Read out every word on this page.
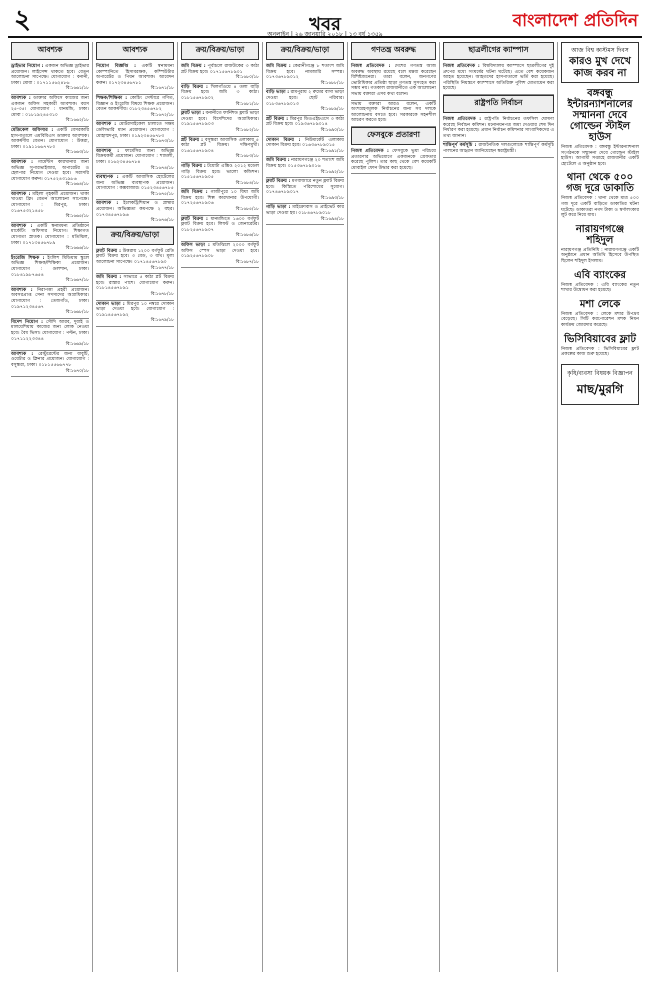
২	খবর	বাংলাদেশ প্রতিদিন
অনলাইন | ২৬ জানুয়ারি ২০১৮ | ১৩ বর্ষ ১৩৫৯
আবশ্যক
ড্রাইভার নিয়োগ : একজন অভিজ্ঞ ড্রাইভার প্রয়োজন। লাইসেন্স থাকতে হবে। বেতন আলোচনা সাপেক্ষে। যোগাযোগ : বনানী, ঢাকা। মোবা : ০১৭১১৫৬২৪৮৬
বি:১৬৬১/১৮
আবশ্যক : ডাক্তার অফিসে কাজের জন্য একজন অফিস সহকারী আবশ্যক। বয়স ২৫-৩৫। যোগাযোগ : ধানমন্ডি, ঢাকা। মোবা : ০১৮১৯২৪৫৩১০
বি:১৬৬২/১৮
মেডিকেল অফিসার : একটি বেসরকারি হাসপাতালে এমবিবিএস ডাক্তার আবশ্যক। আকর্ষণীয় বেতন। যোগাযোগ : উত্তরা, ঢাকা। ০১৯১১৬৬৭৭৮০
বি:১৬৬৩/১৮
আবশ্যক : গার্মেন্টস কারখানার জন্য অভিজ্ঞ সুপারভাইজার, অপারেটর ও হেলপার নিয়োগ দেওয়া হবে। সরাসরি যোগাযোগ করুন। ০১৭৫২৪৩১৯৮৬
বি:১৬৬৪/১৮
আবশ্যক : মহিলা গৃহকর্মী প্রয়োজন। থাকা খাওয়া ফ্রি। বেতন আলোচনা সাপেক্ষে। যোগাযোগ : মিরপুর, ঢাকা। ০১৬৭৫৩২১৪৫৮
বি:১৬৬৫/১৮
আবশ্যক : একটি স্বনামধন্য প্রতিষ্ঠানে মার্কেটিং অফিসার নিয়োগ। শিক্ষাগত যোগ্যতা স্নাতক। যোগাযোগ : মতিঝিল, ঢাকা। ০১৭১৩৪৫৬৭৮৯
বি:১৬৬৬/১৮
ইংরেজি শিক্ষক : ইংলিশ মিডিয়াম স্কুলে অভিজ্ঞ শিক্ষক/শিক্ষিকা প্রয়োজন। যোগাযোগ : গুলশান, ঢাকা। ০১৮৪১৯৮৭৬৫৪
বি:১৬৬৭/১৮
আবশ্যক : নিরাপত্তা প্রহরী প্রয়োজন। অবসরপ্রাপ্ত সেনা সদস্যদের অগ্রাধিকার। যোগাযোগ : তেজগাঁও, ঢাকা। ০১৯৭১২৩৪৫৬৭
বি:১৬৬৮/১৮
বিদেশ নিয়োগ : সৌদি আরব, দুবাই ও মালয়েশিয়ায় কাজের জন্য লোক নেওয়া হবে। বৈধ ভিসা। যোগাযোগ : পল্টন, ঢাকা। ০১৭১১২২৩৩৪৪
বি:১৬৬৯/১৮
আবশ্যক : রেস্টুরেন্টের জন্য বাবুর্চি, ওয়েটার ও ক্লিনার প্রয়োজন। যোগাযোগ : বসুন্ধরা, ঢাকা। ০১৮১৫৫৬৬৭৭৮
বি:১৬৭০/১৮
আবশ্যক
নিয়োগ বিজ্ঞপ্তি : একটি স্বনামধন্য কোম্পানিতে হিসাবরক্ষক, কম্পিউটার অপারেটর ও পিয়ন আবশ্যক। আবেদন করুন। ০১৭২৩৪৫৬৭৮১
বি:১৬৭১/১৮
শিক্ষক/শিক্ষিকা : কোচিং সেন্টারে গণিত, বিজ্ঞান ও ইংরেজি বিষয়ে শিক্ষক প্রয়োজন। বেতন আকর্ষণীয়। ০১৮২৩৪৫৬৭৮২
বি:১৬৭২/১৮
আবশ্যক : মোটরসাইকেল চালাতে সক্ষম ডেলিভারি ম্যান প্রয়োজন। যোগাযোগ : মোহাম্মদপুর, ঢাকা। ০১৯২৩৪৫৬৭৮৩
বি:১৬৭৩/১৮
আবশ্যক : ফার্মেসির জন্য অভিজ্ঞ বিক্রয়কর্মী প্রয়োজন। যোগাযোগ : শ্যামলী, ঢাকা। ০১৬২৩৪৫৬৭৮৪
বি:১৬৭৪/১৮
ব্যবস্থাপক : একটি আবাসিক হোটেলের জন্য অভিজ্ঞ ব্যবস্থাপক প্রয়োজন। যোগাযোগ : কক্সবাজার। ০১৫২৩৪৫৬৭৮৫
বি:১৬৭৫/১৮
আবশ্যক : ইলেকট্রিশিয়ান ও প্লাম্বার প্রয়োজন। অভিজ্ঞতা কমপক্ষে ২ বছর। ০১৭৩৪৫৬৭৮৯৬
বি:১৬৭৬/১৮
ক্রয়/বিক্রয়/ভাড়া
ফ্ল্যাট বিক্রয় : উত্তরায় ১২০০ বর্গফুট রেডি ফ্ল্যাট বিক্রয় হবে। ৩ বেড, ৩ বাথ। মূল্য আলোচনা সাপেক্ষে। ০১৭১৪৫৬৭৮৯০
বি:১৬৭৭/১৮
জমি বিক্রয় : সাভারে ৫ কাঠা প্লট বিক্রয় হবে। রাস্তার পাশে। যোগাযোগ করুন। ০১৮১৪৫৬৭৮৯১
বি:১৬৭৮/১৮
দোকান ভাড়া : মিরপুর ১০ নম্বরে দোকান ভাড়া দেওয়া হবে। যোগাযোগ : ০১৯১৪৫৬৭৮৯২
বি:১৬৭৯/১৮
ক্রয়/বিক্রয়/ভাড়া
জমি বিক্রয় : পূর্বাচলে রাজউকের ৩ কাঠা প্লট বিক্রয় হবে। ০১৭১৫৬৭৮৯০১
বি:১৬৮০/১৮
বাড়ি বিক্রয় : খিলগাঁওয়ে ৪ তলা বাড়ি বিক্রয় হবে। জমি ৩ কাঠা। ০১৮১৫৬৭৮৯০২
বি:১৬৮১/১৮
ফ্ল্যাট ভাড়া : বনানীতে ফার্নিশড ফ্ল্যাট ভাড়া দেওয়া হবে। বিদেশিদের অগ্রাধিকার। ০১৯১৫৬৭৮৯০৩
বি:১৬৮২/১৮
প্লট বিক্রয় : বসুন্ধরা আবাসিক এলাকায় ৫ কাঠা প্লট বিক্রয়। দক্ষিণমুখী। ০১৬১৫৬৭৮৯০৪
বি:১৬৮৩/১৮
গাড়ি বিক্রয় : টয়োটা এক্সিও ২০১২ মডেল গাড়ি বিক্রয় হবে। ভালো কন্ডিশন। ০১৫১৫৬৭৮৯০৫
বি:১৬৮৪/১৮
জমি বিক্রয় : গাজীপুরে ১০ বিঘা জমি বিক্রয় হবে। শিল্প কারখানার উপযোগী। ০১৭২৫৬৭৮৯০৬
বি:১৬৮৫/১৮
ফ্ল্যাট বিক্রয় : ধানমন্ডিতে ১৬০০ বর্গফুট ফ্ল্যাট বিক্রয় হবে। লিফট ও জেনারেটর। ০১৮২৫৬৭৮৯০৭
বি:১৬৮৬/১৮
অফিস ভাড়া : মতিঝিলে ২০০০ বর্গফুট অফিস স্পেস ভাড়া দেওয়া হবে। ০১৯২৫৬৭৮৯০৮
বি:১৬৮৭/১৮
ক্রয়/বিক্রয়/ভাড়া
জমি বিক্রয় : কেরানীগঞ্জে ৮ শতাংশ জমি বিক্রয় হবে। নামজারি সম্পন্ন। ০১৭৩৬৭৮৯০১২
বি:১৬৮৮/১৮
বাড়ি ভাড়া : রামপুরায় ২ রুমের বাসা ভাড়া দেওয়া হবে। ছোট পরিবার। ০১৮৩৬৭৮৯০১৩
বি:১৬৮৯/১৮
প্লট বিক্রয় : মিরপুর ডিওএইচএসে ৩ কাঠা প্লট বিক্রয় হবে। ০১৯৩৬৭৮৯০১৪
বি:১৬৯০/১৮
দোকান বিক্রয় : নিউমার্কেট এলাকায় দোকান বিক্রয় হবে। ০১৬৩৬৭৮৯০১৫
বি:১৬৯১/১৮
জমি বিক্রয় : নারায়ণগঞ্জে ২০ শতাংশ জমি বিক্রয় হবে। ০১৫৩৬৭৮৯০১৬
বি:১৬৯২/১৮
ফ্ল্যাট বিক্রয় : মগবাজারে নতুন ফ্ল্যাট বিক্রয় হবে। কিস্তিতে পরিশোধের সুযোগ। ০১৭৪৬৭৮৯০১৭
বি:১৬৯৩/১৮
গাড়ি ভাড়া : মাইক্রোবাস ও প্রাইভেট কার ভাড়া দেওয়া হয়। ০১৮৪৬৭৮৯০১৮
বি:১৬৯৪/১৮
গণতন্ত্র অবরুদ্ধ
নিজস্ব প্রতিবেদক : দেশের গণতন্ত্র আজ অবরুদ্ধ অবস্থায় রয়েছে বলে মন্তব্য করেছেন বিশিষ্টজনেরা। তারা বলেন, জনগণের ভোটাধিকার প্রতিষ্ঠা ছাড়া গণতন্ত্র সুসংহত করা সম্ভব নয়। গতকাল রাজধানীতে এক আলোচনা সভায় বক্তারা এসব কথা বলেন।
সভায় বক্তারা আরও বলেন, একটি অংশগ্রহণমূলক নির্বাচনের জন্য সব দলকে আলোচনায় বসতে হবে। সরকারকে সহনশীল আচরণ করতে হবে।
ফেসবুকে প্রতারণা
নিজস্ব প্রতিবেদক : ফেসবুকে ভুয়া পরিচয়ে প্রতারণার অভিযোগে একজনকে গ্রেফতার করেছে পুলিশ। তার কাছ থেকে বেশ কয়েকটি মোবাইল ফোন উদ্ধার করা হয়েছে।
ছাত্রলীগের ক্যাম্পাস
নিজস্ব প্রতিবেদক : বিশ্ববিদ্যালয় ক্যাম্পাসে ছাত্রলীগের দুই গ্রুপের মধ্যে সংঘর্ষের ঘটনা ঘটেছে। এতে বেশ কয়েকজন আহত হয়েছেন। আহতদের হাসপাতালে ভর্তি করা হয়েছে। পরিস্থিতি নিয়ন্ত্রণে ক্যাম্পাসে অতিরিক্ত পুলিশ মোতায়েন করা হয়েছে।
রাষ্ট্রপতি নির্বাচন
নিজস্ব প্রতিবেদক : রাষ্ট্রপতি নির্বাচনের তফসিল ঘোষণা করেছে নির্বাচন কমিশন। মনোনয়নপত্র জমা দেওয়ার শেষ দিন নির্ধারণ করা হয়েছে। প্রধান নির্বাচন কমিশনার সাংবাদিকদের এ তথ্য জানান।
শান্তিপূর্ণ কর্মসূচি : রাজনৈতিক দলগুলোকে শান্তিপূর্ণ কর্মসূচি পালনের আহ্বান জানিয়েছেন স্বরাষ্ট্রমন্ত্রী।
আজ বিশ্ব কাস্টমস দিবস
কারও মুখ দেখে কাজ করব না
বঙ্গবন্ধু ইন্টারন্যাশনালের সম্মাননা দেবে গোল্ডেন স্টাইল হাউস
নিজস্ব প্রতিবেদক : বঙ্গবন্ধু ইন্টারন্যাশনাল সংগঠনকে সম্মাননা দেবে গোল্ডেন স্টাইল হাউস। আগামী সপ্তাহে রাজধানীর একটি হোটেলে এ অনুষ্ঠান হবে।
থানা থেকে ৫০০ গজ দূরে ডাকাতি
নিজস্ব প্রতিবেদক : থানা থেকে মাত্র ৫০০ গজ দূরে একটি বাড়িতে ডাকাতির ঘটনা ঘটেছে। ডাকাতরা নগদ টাকা ও স্বর্ণালংকার লুট করে নিয়ে যায়।
নারায়ণগঞ্জে শহিদুল
নারায়ণগঞ্জ প্রতিনিধি : নারায়ণগঞ্জে একটি অনুষ্ঠানে প্রধান অতিথি হিসেবে উপস্থিত ছিলেন শহিদুল ইসলাম।
এবি ব্যাংকের
নিজস্ব প্রতিবেদক : এবি ব্যাংকের নতুন শাখার উদ্বোধন করা হয়েছে।
মশা লেকে
নিজস্ব প্রতিবেদক : লেকে মশার উপদ্রব বেড়েছে। সিটি করপোরেশন মশক নিধন কার্যক্রম জোরদার করেছে।
ভিসিবিয়াবের ফ্লাট
নিজস্ব প্রতিবেদক : ভিসিবিয়াবের ফ্লাট প্রকল্পের কাজ শুরু হয়েছে।
কৃষি/ব্যবসা বিষয়ক বিজ্ঞাপন
মাছ/মুরগি
